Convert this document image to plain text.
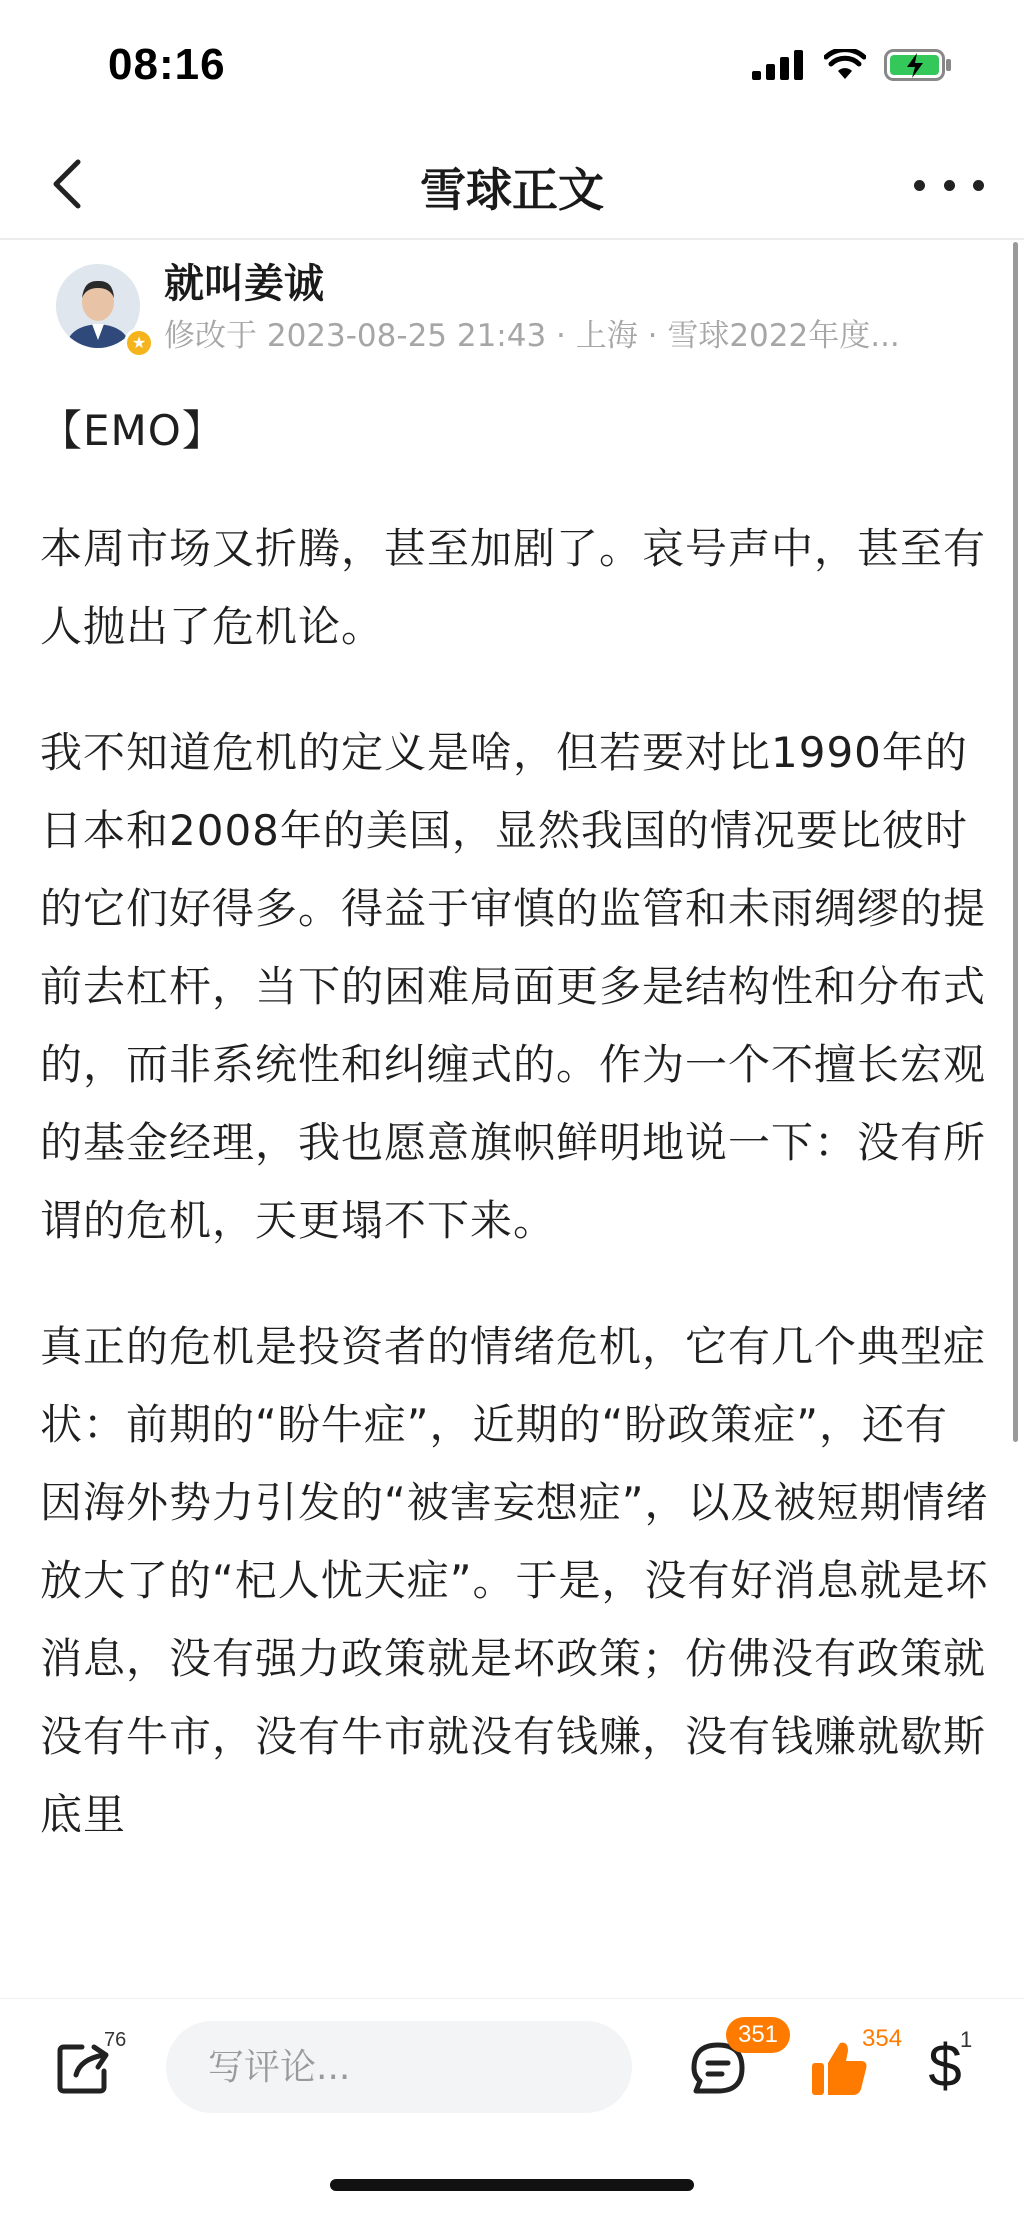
08:16
雪球正文
★
就叫姜诚
修改于 2023-08-25 21:43 · 上海 · 雪球2022年度...

【EMO】

本周市场又折腾，甚至加剧了。哀号声中，甚至有人抛出了危机论。

我不知道危机的定义是啥，但若要对比1990年的日本和2008年的美国，显然我国的情况要比彼时的它们好得多。得益于审慎的监管和未雨绸缪的提前去杠杆，当下的困难局面更多是结构性和分布式的，而非系统性和纠缠式的。作为一个不擅长宏观的基金经理，我也愿意旗帜鲜明地说一下：没有所谓的危机，天更塌不下来。

真正的危机是投资者的情绪危机，它有几个典型症状：前期的“盼牛症”，近期的“盼政策症”，还有因海外势力引发的“被害妄想症”，以及被短期情绪放大了的“杞人忧天症”。于是，没有好消息就是坏消息，没有强力政策就是坏政策；仿佛没有政策就没有牛市，没有牛市就没有钱赚，没有钱赚就歇斯底里

76
写评论...	351	354 $
1
